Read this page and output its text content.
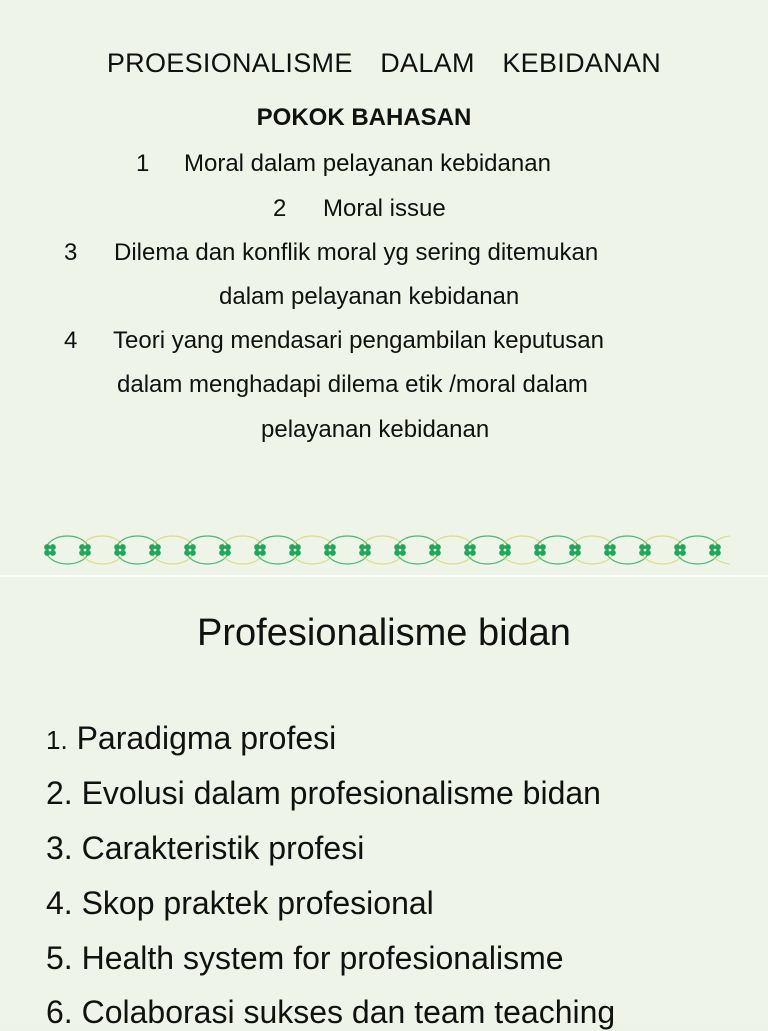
PROESIONALISME  DALAM  KEBIDANAN
POKOK BAHASAN
1 Moral dalam pelayanan kebidanan
2 Moral issue
3 Dilema dan konflik moral yg sering ditemukan
dalam pelayanan kebidanan
4 Teori yang mendasari pengambilan keputusan
dalam menghadapi dilema etik /moral dalam
pelayanan kebidanan
Profesionalisme bidan
1. Paradigma profesi
2. Evolusi dalam profesionalisme bidan
3. Carakteristik profesi
4. Skop praktek profesional
5. Health system for profesionalisme
6. Colaborasi sukses dan team teaching
